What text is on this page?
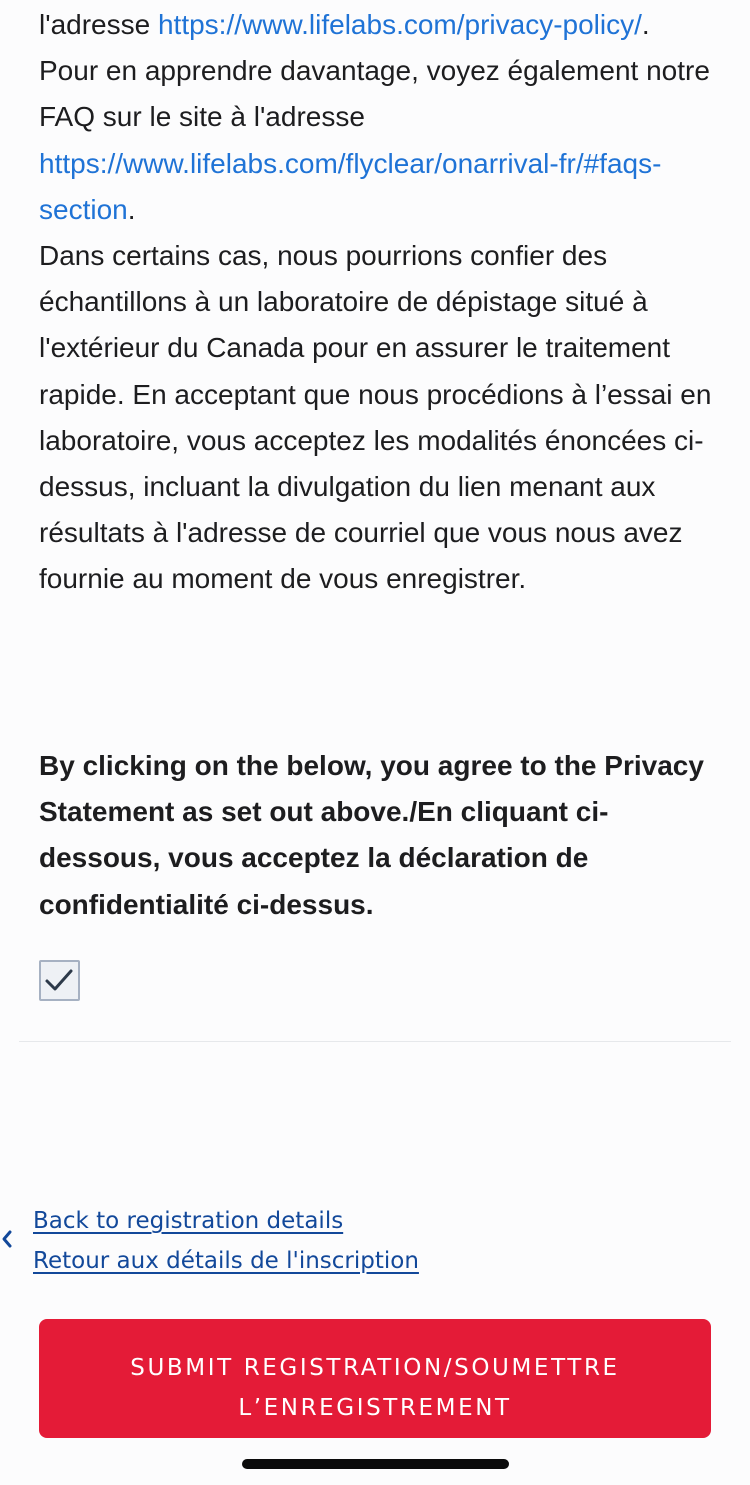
l'adresse https://www.lifelabs.com/privacy-policy/.

Pour en apprendre davantage, voyez également notre FAQ sur le site à l'adresse https://www.lifelabs.com/flyclear/onarrival-fr/#faqs-section.

Dans certains cas, nous pourrions confier des échantillons à un laboratoire de dépistage situé à l'extérieur du Canada pour en assurer le traitement rapide. En acceptant que nous procédions à l’essai en laboratoire, vous acceptez les modalités énoncées ci-dessus, incluant la divulgation du lien menant aux résultats à l'adresse de courriel que vous nous avez fournie au moment de vous enregistrer.

By clicking on the below, you agree to the Privacy Statement as set out above./En cliquant ci-dessous, vous acceptez la déclaration de confidentialité ci-dessus.

Back to registration details
Retour aux détails de l'inscription
SUBMIT REGISTRATION/SOUMETTRE
L’ENREGISTREMENT
